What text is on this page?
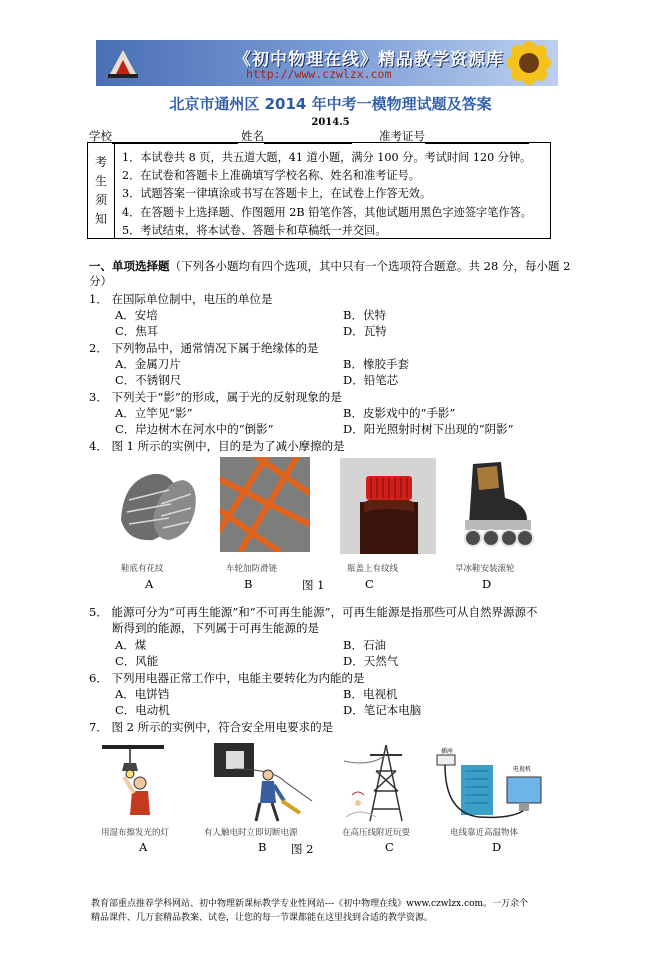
《初中物理在线》精品教学资源库
http://www.czwlzx.com
北京市通州区 2014 年中考一模物理试题及答案
2014.5
学校	姓名	准考证号
考
生
须
知
1．本试卷共 8 页，共五道大题，41 道小题，满分 100 分。考试时间 120 分钟。
2．在试卷和答题卡上准确填写学校名称、姓名和准考证号。
3．试题答案一律填涂或书写在答题卡上，在试卷上作答无效。
4．在答题卡上选择题、作图题用 2B 铅笔作答，其他试题用黑色字迹签字笔作答。
5．考试结束，将本试卷、答题卡和草稿纸一并交回。
一、单项选择题（下列各小题均有四个选项，其中只有一个选项符合题意。共 28 分，每小题 2
分）
1． 在国际单位制中，电压的单位是
A．安培	B．伏特
C．焦耳	D．瓦特
2． 下列物品中，通常情况下属于绝缘体的是
A．金属刀片	B．橡胶手套
C．不锈钢尺	D．铅笔芯
3． 下列关于“影”的形成，属于光的反射现象的是
A．立竿见“影”	B．皮影戏中的“手影”
C．岸边树木在河水中的“倒影”	D．阳光照射时树下出现的“阴影”
4． 图 1 所示的实例中，目的是为了减小摩擦的是
鞋底有花纹	车轮加防滑链	瓶盖上有纹线	旱冰鞋安装滚轮
A	B	图 1	C	D
5． 能源可分为“可再生能源”和“不可再生能源”，可再生能源是指那些可从自然界源源不
断得到的能源，下列属于可再生能源的是
A．煤	B．石油
C．风能	D．天然气
6． 下列用电器正常工作中，电能主要转化为内能的是
A．电饼铛	B．电视机
C．电动机	D．笔记本电脑
7． 图 2 所示的实例中，符合安全用电要求的是
插座
电视机
用湿布擦发光的灯	有人触电时立即切断电源	在高压线附近玩耍	电线靠近高温物体
A	B 图 2	C	D
教育部重点推荐学科网站、初中物理新课标教学专业性网站---《初中物理在线》www.czwlzx.com。一万余个
精品课件、几万套精品教案、试卷，让您的每一节课都能在这里找到合适的教学资源。
